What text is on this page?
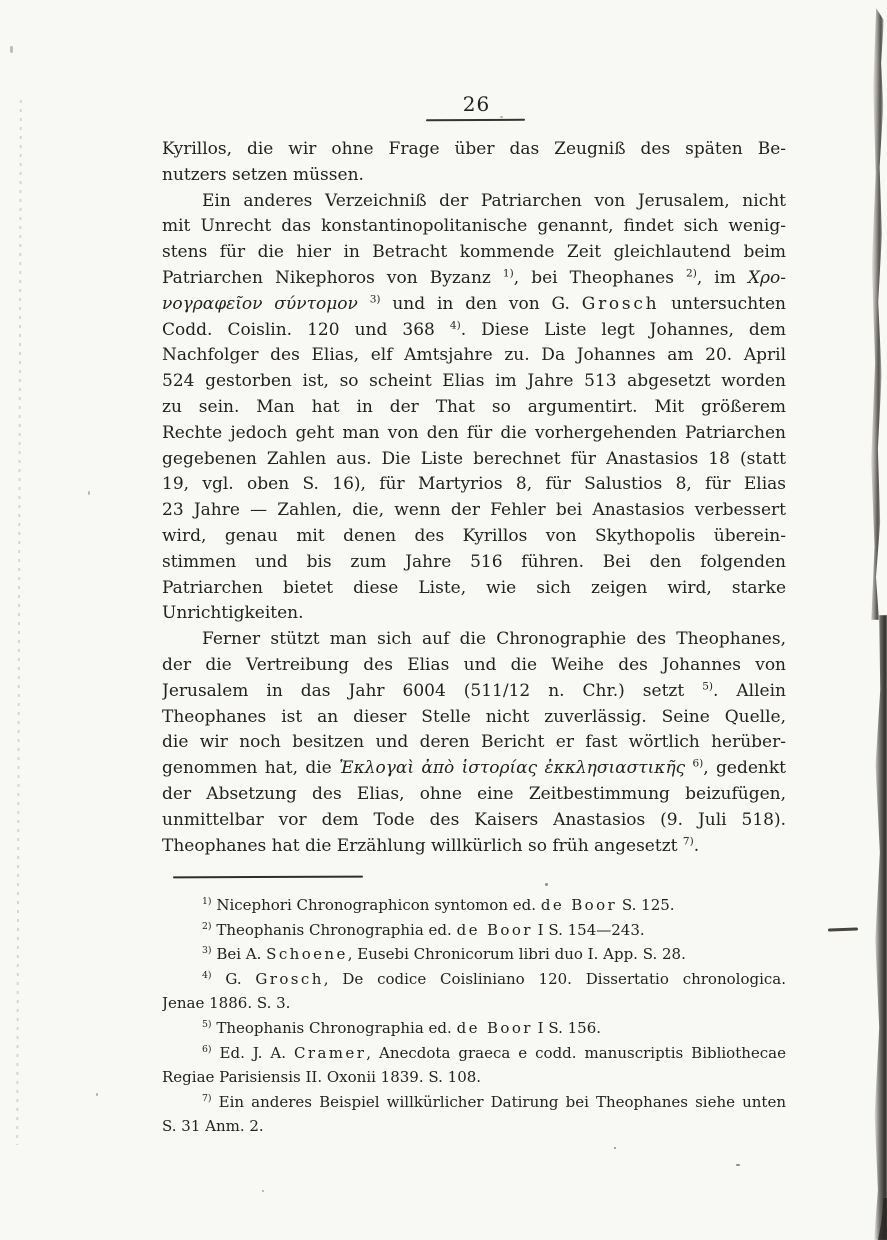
26
Kyrillos, die wir ohne Frage über das Zeugniß des späten Be-
nutzers setzen müssen.
Ein anderes Verzeichniß der Patriarchen von Jerusalem, nicht
mit Unrecht das konstantinopolitanische genannt, findet sich wenig-
stens für die hier in Betracht kommende Zeit gleichlautend beim
Patriarchen Nikephoros von Byzanz $^{1)}$, bei Theophanes $^{2)}$, im Χρο-
νογραφεῖον σύντομον $^{3)}$ und in den von G. Grosch untersuchten
Codd. Coislin. 120 und 368 $^{4)}$. Diese Liste legt Johannes, dem
Nachfolger des Elias, elf Amtsjahre zu. Da Johannes am 20. April
524 gestorben ist, so scheint Elias im Jahre 513 abgesetzt worden
zu sein. Man hat in der That so argumentirt. Mit größerem
Rechte jedoch geht man von den für die vorhergehenden Patriarchen
gegebenen Zahlen aus. Die Liste berechnet für Anastasios 18 (statt
19, vgl. oben S. 16), für Martyrios 8, für Salustios 8, für Elias
23 Jahre — Zahlen, die, wenn der Fehler bei Anastasios verbessert
wird, genau mit denen des Kyrillos von Skythopolis überein-
stimmen und bis zum Jahre 516 führen. Bei den folgenden
Patriarchen bietet diese Liste, wie sich zeigen wird, starke
Unrichtigkeiten.
Ferner stützt man sich auf die Chronographie des Theophanes,
der die Vertreibung des Elias und die Weihe des Johannes von
Jerusalem in das Jahr 6004 (511/12 n. Chr.) setzt $^{5)}$. Allein
Theophanes ist an dieser Stelle nicht zuverlässig. Seine Quelle,
die wir noch besitzen und deren Bericht er fast wörtlich herüber-
genommen hat, die Ἐκλογαὶ ἀπὸ ἱστορίας ἐκκλησιαστικῆς $^{6)}$, gedenkt
der Absetzung des Elias, ohne eine Zeitbestimmung beizufügen,
unmittelbar vor dem Tode des Kaisers Anastasios (9. Juli 518).
Theophanes hat die Erzählung willkürlich so früh angesetzt $^{7)}$.
$^{1)}$ Nicephori Chronographicon syntomon ed. de Boor S. 125.
$^{2)}$ Theophanis Chronographia ed. de Boor I S. 154—243.
$^{3)}$ Bei A. Schoene, Eusebi Chronicorum libri duo I. App. S. 28.
$^{4)}$ G. Grosch, De codice Coisliniano 120. Dissertatio chronologica.
Jenae 1886. S. 3.
$^{5)}$ Theophanis Chronographia ed. de Boor I S. 156.
$^{6)}$ Ed. J. A. Cramer, Anecdota graeca e codd. manuscriptis Bibliothecae
Regiae Parisiensis II. Oxonii 1839. S. 108.
$^{7)}$ Ein anderes Beispiel willkürlicher Datirung bei Theophanes siehe unten
S. 31 Anm. 2.
